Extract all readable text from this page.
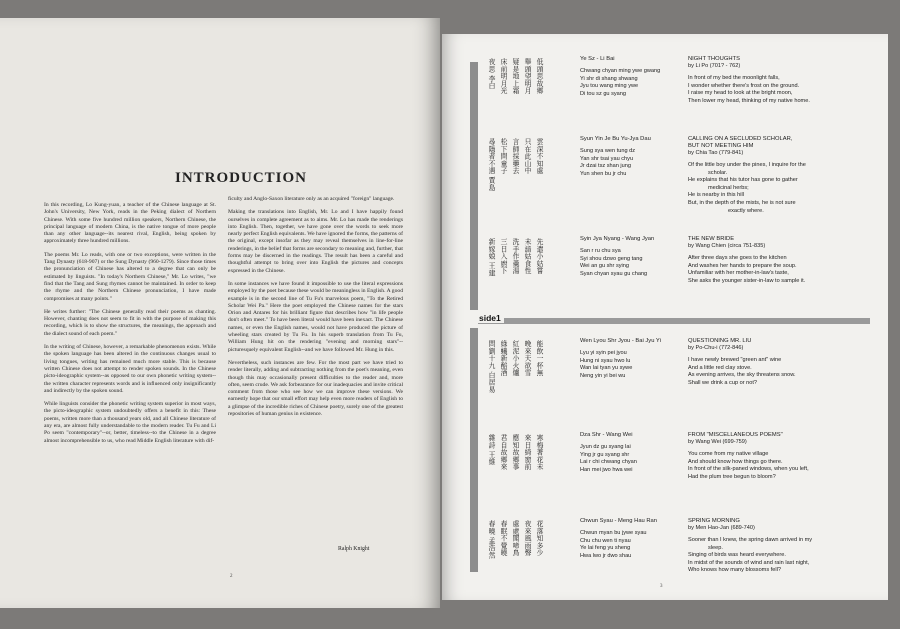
INTRODUCTION

In this recording, Lo Kung-yuan, a teacher of the Chinese language at St. John's University, New York, reads in the Peking dialect of Northern Chinese. With some five hundred million speakers, Northern Chinese, the principal language of modern China, is the native tongue of more people than any other language--its nearest rival, English, being spoken by approximately three hundred millions.

The poems Mr. Lo reads, with one or two exceptions, were written in the Tang Dynasty (618-907) or the Sung Dynasty (960-1279). Since those times the pronunciation of Chinese has altered to a degree that can only be estimated by linguists. "In today's Northern Chinese," Mr. Lo writes, "we find that the Tang and Sung rhymes cannot be maintained. In order to keep the rhyme and the Northern Chinese pronunciation, I have made compromises at many points."

He writes further: "The Chinese generally read their poems as chanting. However, chanting does not seem to fit in with the purpose of making this recording, which is to show the structures, the meanings, the approach and the dialect sound of each poem."

In the writing of Chinese, however, a remarkable phenomenon exists. While the spoken language has been altered in the continuous changes usual to living tongues, writing has remained much more stable. This is because written Chinese does not attempt to render spoken sounds. In the Chinese picto-ideographic system--as opposed to our own phonetic writing system--the written character represents words and is influenced only insignificantly and indirectly by the spoken sound.

While linguists consider the phonetic writing system superior in most ways, the picto-ideographic system undoubtedly offers a benefit in this: These poems, written more than a thousand years old, and all Chinese literature of any era, are almost fully understandable to the modern reader. Tu Fu and Li Po seem "contemporary"--or, better, timeless--to the Chinese in a degree almost incomprehensible to us, who read Middle English literature with dif-

ficulty and Anglo-Saxon literature only as an acquired "foreign" language.

Making the translations into English, Mr. Lo and I have happily found ourselves in complete agreement as to aims. Mr. Lo has made the renderings into English. Then, together, we have gone over the words to seek more nearly perfect English equivalents. We have ignored the forms, the patterns of the original, except insofar as they may reveal themselves in line-for-line renderings, in the belief that forms are secondary to meaning and, further, that forms may be discerned in the readings. The result has been a careful and thoughtful attempt to bring over into English the pictures and concepts expressed in the Chinese.

In some instances we have found it impossible to use the literal expressions employed by the poet because these would be meaningless in English. A good example is in the second line of Tu Fu's marvelous poem, "To the Retired Scholar Wei Pa." Here the poet employed the Chinese names for the stars Orion and Antares for his brilliant figure that describes how "in life people don't often meet." To have been literal would have been inexact. The Chinese names, or even the English names, would not have produced the picture of wheeling stars created by Tu Fu. In his superb translation from Tu Fu, William Hung hit on the rendering "evening and morning stars"--picturesquely equivalent English--and we have followed Mr. Hung in this.

Nevertheless, such instances are few. For the most part we have tried to render literally, adding and subtracting nothing from the poet's meaning, even though this may occasionally present difficulties to the reader and, more often, seem crude. We ask forbearance for our inadequacies and invite critical comment from those who see how we can improve these versions. We earnestly hope that our small effort may help even more readers of English to a glimpse of the incredible riches of Chinese poetry, surely one of the greatest repositories of human genius in existence.

Ralph Knight
2
side1
低頭思故鄉
舉頭望明月
疑是地上霜
床前明月光
夜思 李白	Ye Sz - Li Bai
Chwang chyan ming ywe gwang
Yi shr di shang shwang
Jyu tou wang ming ywe
Di tou sz gu syang
NIGHT THOUGHTS
by Li Po (701? - 762)
In front of my bed the moonlight falls,
I wonder whether there's frost on the ground.
I raise my head to look at the bright moon,
Then lower my head, thinking of my native home.
雲深不知處
只在此山中
言師採藥去
松下問童子
尋隱者不遇 賈島	Syun Yin Je Bu Yu-Jya Dau
Sung sya wen tung dz
Yan shr tsai yau chyu
Jr dzai tsz shan jung
Yun shen bu jr chu
CALLING ON A SECLUDED SCHOLAR,
BUT NOT MEETING HIM
by Chia Tao (779-841)
Of the little boy under the pines, I inquire for the
scholar.
He explains that his tutor has gone to gather
medicinal herbs;
He is nearby in this hill
But, in the depth of the mists, he is not sure
exactly where.
先遣小姑嘗
未諳姑食性
洗手作羹湯
三日入廚下
新嫁娘 王建	Syin Jya Nyang - Wang Jyan
San r ru chu sya
Syi shou dzwo geng tang
Wei an gu shr sying
Syan chyan syau gu chang
THE NEW BRIDE
by Wang Chien (circa 751-835)
After three days she goes to the kitchen
And washes her hands to prepare the soup.
Unfamiliar with her mother-in-law's taste,
She asks the younger sister-in-law to sample it.
能飲一杯無
晚來天欲雪
紅泥小火爐
綠蟻新醅酒
問劉十九 白居易	Wen Lyou Shr Jyou - Bai Jyu Yi
Lyu yi syin pei jyou
Hung ni syau hwo lu
Wan lai tyan yu sywe
Neng yin yi bei wu
QUESTIONING MR. LIU
by Po-Chu-i (772-846)
I have newly brewed "green ant" wine
And a little red clay stove.
As evening arrives, the sky threatens snow.
Shall we drink a cup or not?
寒梅著花未
來日綺窗前
應知故鄉事
君自故鄉來
雜詩 王維	Dza Shr - Wang Wei
Jyun dz gu syang lai
Ying jr gu syang shr
Lai r chi chwang chyan
Han mei jwo hwa wei
FROM "MISCELLANEOUS POEMS"
by Wang Wei (699-759)
You come from my native village
And should know how things go there.
In front of the silk-paned windows, when you left,
Had the plum tree begun to bloom?
花落知多少
夜來風雨聲
處處聞啼鳥
春眠不覺曉
春曉 孟浩然	Chwun Syau - Meng Hau Ran
Chwun myan bu jywe syau
Chu chu wen ti nyau
Ye lai feng yu sheng
Hwa lwo jr dwo shau
SPRING MORNING
by Men Hao-Jan (689-740)
Sooner than I knew, the spring dawn arrived in my
sleep.
Singing of birds was heard everywhere.
In midst of the sounds of wind and rain last night,
Who knows how many blossoms fell?
3
